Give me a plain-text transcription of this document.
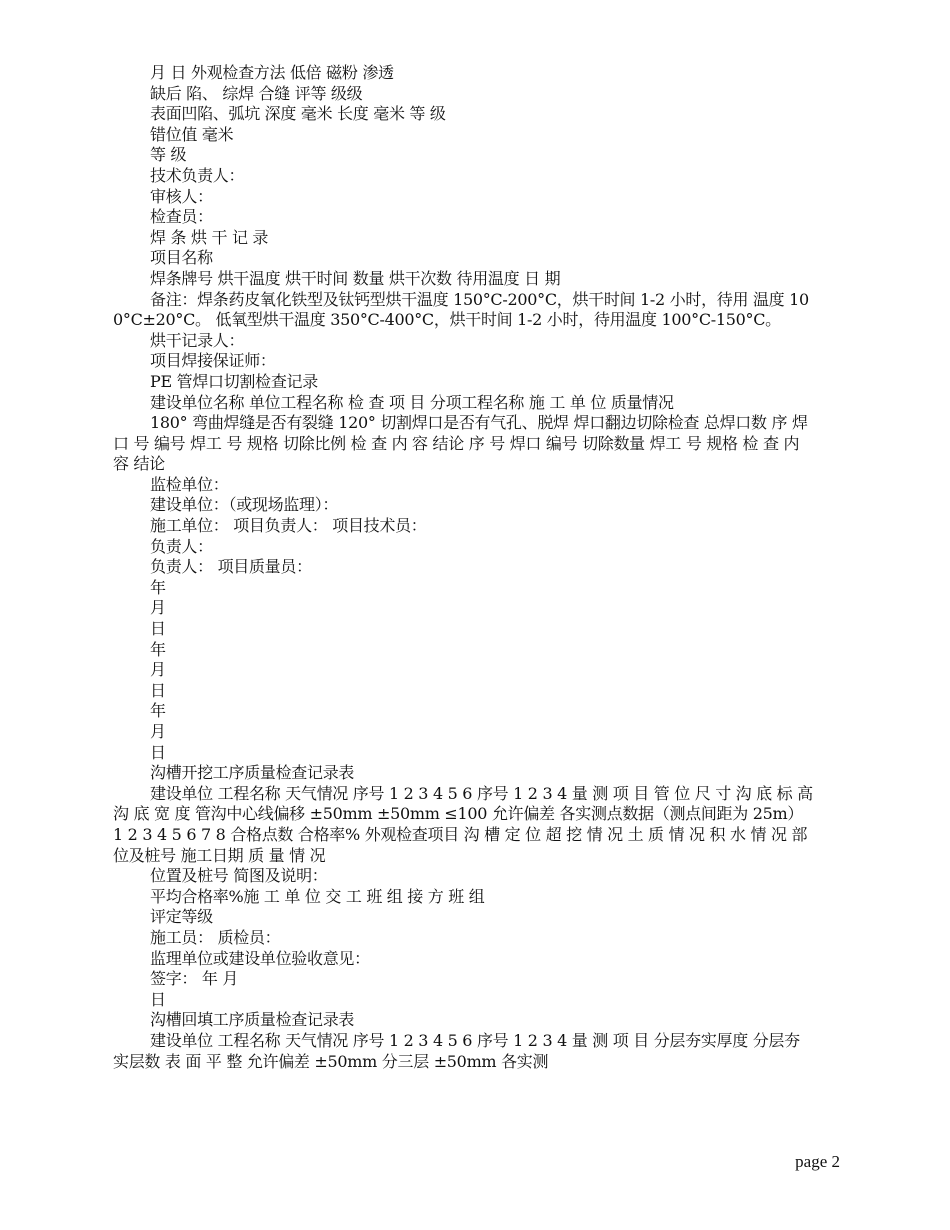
月 日 外观检查方法 低倍 磁粉 渗透

缺后 陷、 综焊 合缝 评等 级级

表面凹陷、弧坑 深度 毫米 长度 毫米 等 级

错位值 毫米

等 级

技术负责人：

审核人：

检查员：

焊 条 烘 干 记 录

项目名称

焊条牌号 烘干温度 烘干时间 数量 烘干次数 待用温度 日 期

备注：焊条药皮氧化铁型及钛钙型烘干温度 150°C-200°C，烘干时间 1-2 小时，待用 温度 100°C±20°C。 低氧型烘干温度 350°C-400°C，烘干时间 1-2 小时，待用温度 100°C-150°C。

烘干记录人：

项目焊接保证师：

PE 管焊口切割检查记录

建设单位名称 单位工程名称 检 查 项 目 分项工程名称 施 工 单 位 质量情况

180° 弯曲焊缝是否有裂缝 120° 切割焊口是否有气孔、脱焊 焊口翻边切除检查 总焊口数 序 焊口 号 编号 焊工 号 规格 切除比例 检 查 内 容 结论 序 号 焊口 编号 切除数量 焊工 号 规格 检 查 内 容 结论

监检单位：

建设单位：（或现场监理）：

施工单位： 项目负责人： 项目技术员：

负责人：

负责人： 项目质量员：

年

月

日

年

月

日

年

月

日

沟槽开挖工序质量检查记录表

建设单位 工程名称 天气情况 序号 1 2 3 4 5 6 序号 1 2 3 4 量 测 项 目 管 位 尺 寸 沟 底 标 高 沟 底 宽 度 管沟中心线偏移 ±50mm ±50mm ≤100 允许偏差 各实测点数据（测点间距为 25m） 1 2 3 4 5 6 7 8 合格点数 合格率% 外观检查项目 沟 槽 定 位 超 挖 情 况 土 质 情 况 积 水 情 况 部位及桩号 施工日期 质 量 情 况

位置及桩号 简图及说明：

平均合格率%施 工 单 位 交 工 班 组 接 方 班 组

评定等级

施工员： 质检员：

监理单位或建设单位验收意见：

签字： 年 月

日

沟槽回填工序质量检查记录表

建设单位 工程名称 天气情况 序号 1 2 3 4 5 6 序号 1 2 3 4 量 测 项 目 分层夯实厚度 分层夯实层数 表 面 平 整 允许偏差 ±50mm 分三层 ±50mm 各实测

page 2
